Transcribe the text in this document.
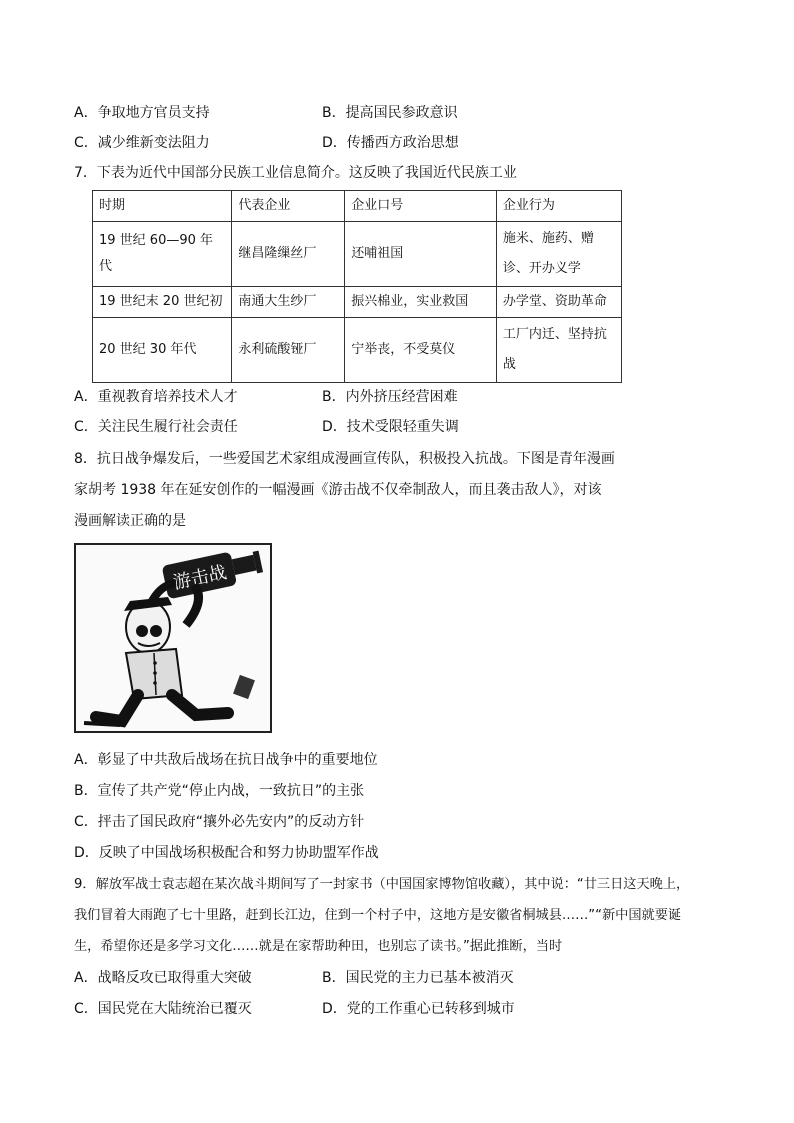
A．争取地方官员支持	B．提高国民参政意识
C．减少维新变法阻力	D．传播西方政治思想
7．下表为近代中国部分民族工业信息简介。这反映了我国近代民族工业
时期	代表企业	企业口号	企业行为
19 世纪 60—90 年代	继昌隆缫丝厂	还哺祖国	施米、施药、赠诊、开办义学
19 世纪末 20 世纪初	南通大生纱厂	振兴棉业，实业救国	办学堂、资助革命
20 世纪 30 年代	永利硫酸铔厂	宁举丧，不受莫仪	工厂内迁、坚持抗战
A．重视教育培养技术人才	B．内外挤压经营困难
C．关注民生履行社会责任	D．技术受限轻重失调
8．抗日战争爆发后，一些爱国艺术家组成漫画宣传队，积极投入抗战。下图是青年漫画
家胡考 1938 年在延安创作的一幅漫画《游击战不仅牵制敌人，而且袭击敌人》，对该
漫画解读正确的是
游击战
A．彰显了中共敌后战场在抗日战争中的重要地位
B．宣传了共产党“停止内战，一致抗日”的主张
C．抨击了国民政府“攘外必先安内”的反动方针
D．反映了中国战场积极配合和努力协助盟军作战
9．解放军战士袁志超在某次战斗期间写了一封家书（中国国家博物馆收藏），其中说：“廿三日这天晚上，
我们冒着大雨跑了七十里路，赶到长江边，住到一个村子中，这地方是安徽省桐城县……”“新中国就要诞
生，希望你还是多学习文化……就是在家帮助种田，也别忘了读书。”据此推断，当时
A．战略反攻已取得重大突破	B．国民党的主力已基本被消灭
C．国民党在大陆统治已覆灭	D．党的工作重心已转移到城市
